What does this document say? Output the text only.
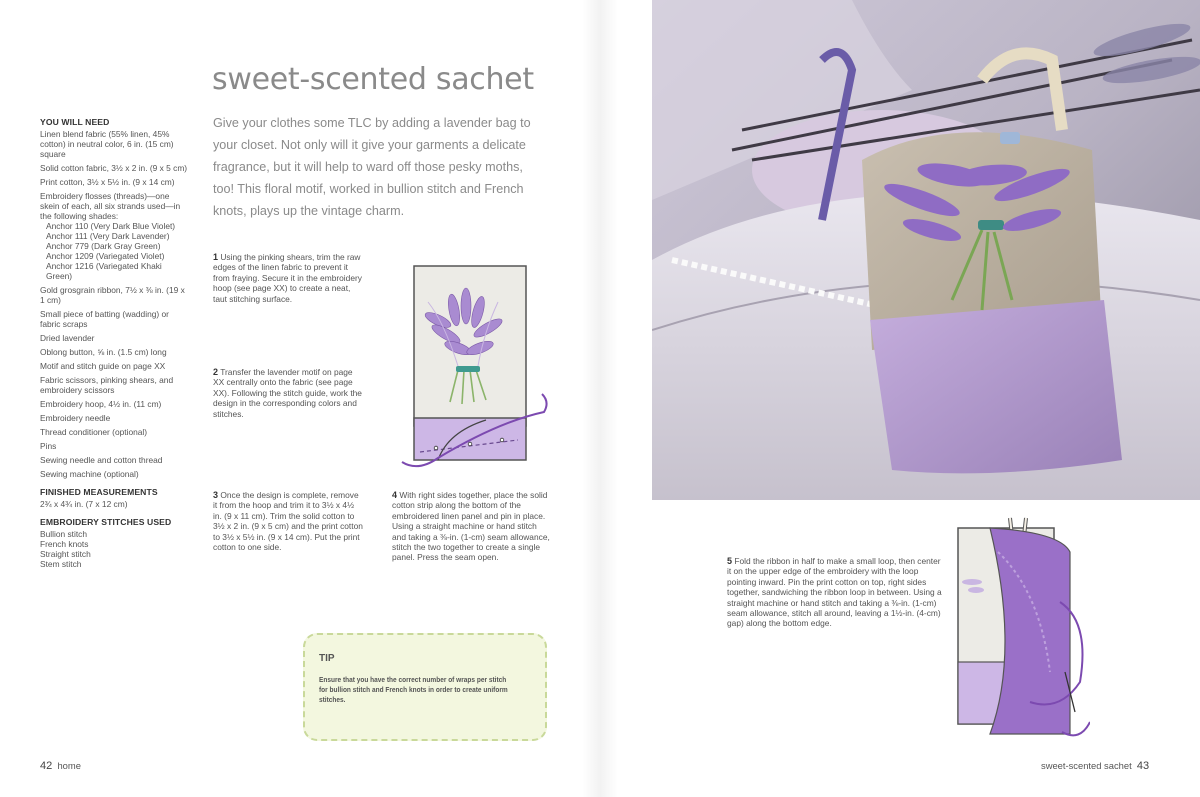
sweet-scented sachet

Give your clothes some TLC by adding a lavender bag to your closet. Not only will it give your garments a delicate fragrance, but it will help to ward off those pesky moths, too! This floral motif, worked in bullion stitch and French knots, plays up the vintage charm.

YOU WILL NEED
Linen blend fabric (55% linen, 45% cotton) in neutral color, 6 in. (15 cm) square
Solid cotton fabric, 3½ x 2 in. (9 x 5 cm)
Print cotton, 3½ x 5½ in. (9 x 14 cm)
Embroidery flosses (threads)—one skein of each, all six strands used—in the following shades:
Anchor 110 (Very Dark Blue Violet)
Anchor 111 (Very Dark Lavender)
Anchor 779 (Dark Gray Green)
Anchor 1209 (Variegated Violet)
Anchor 1216 (Variegated Khaki Green)
Gold grosgrain ribbon, 7½ x ⅜ in. (19 x 1 cm)
Small piece of batting (wadding) or fabric scraps
Dried lavender
Oblong button, ⅝ in. (1.5 cm) long
Motif and stitch guide on page XX
Fabric scissors, pinking shears, and embroidery scissors
Embroidery hoop, 4½ in. (11 cm)
Embroidery needle
Thread conditioner (optional)
Pins
Sewing needle and cotton thread
Sewing machine (optional)
FINISHED MEASUREMENTS
2¾ x 4¾ in. (7 x 12 cm)
EMBROIDERY STITCHES USED
Bullion stitch
French knots
Straight stitch
Stem stitch
1 Using the pinking shears, trim the raw edges of the linen fabric to prevent it from fraying. Secure it in the embroidery hoop (see page XX) to create a neat, taut stitching surface.
2 Transfer the lavender motif on page XX centrally onto the fabric (see page XX). Following the stitch guide, work the design in the corresponding colors and stitches.
3 Once the design is complete, remove it from the hoop and trim it to 3½ x 4½ in. (9 x 11 cm). Trim the solid cotton to 3½ x 2 in. (9 x 5 cm) and the print cotton to 3½ x 5½ in. (9 x 14 cm). Put the print cotton to one side.
4 With right sides together, place the solid cotton strip along the bottom of the embroidered linen panel and pin in place. Using a straight machine or hand stitch and taking a ⅜-in. (1-cm) seam allowance, stitch the two together to create a single panel. Press the seam open.
TIP
Ensure that you have the correct number of wraps per stitch for bullion stitch and French knots in order to create uniform stitches.
42 home	sweet-scented sachet 43
5 Fold the ribbon in half to make a small loop, then center it on the upper edge of the embroidery with the loop pointing inward. Pin the print cotton on top, right sides together, sandwiching the ribbon loop in between. Using a straight machine or hand stitch and taking a ⅜-in. (1-cm) seam allowance, stitch all around, leaving a 1½-in. (4-cm) gap) along the bottom edge.
